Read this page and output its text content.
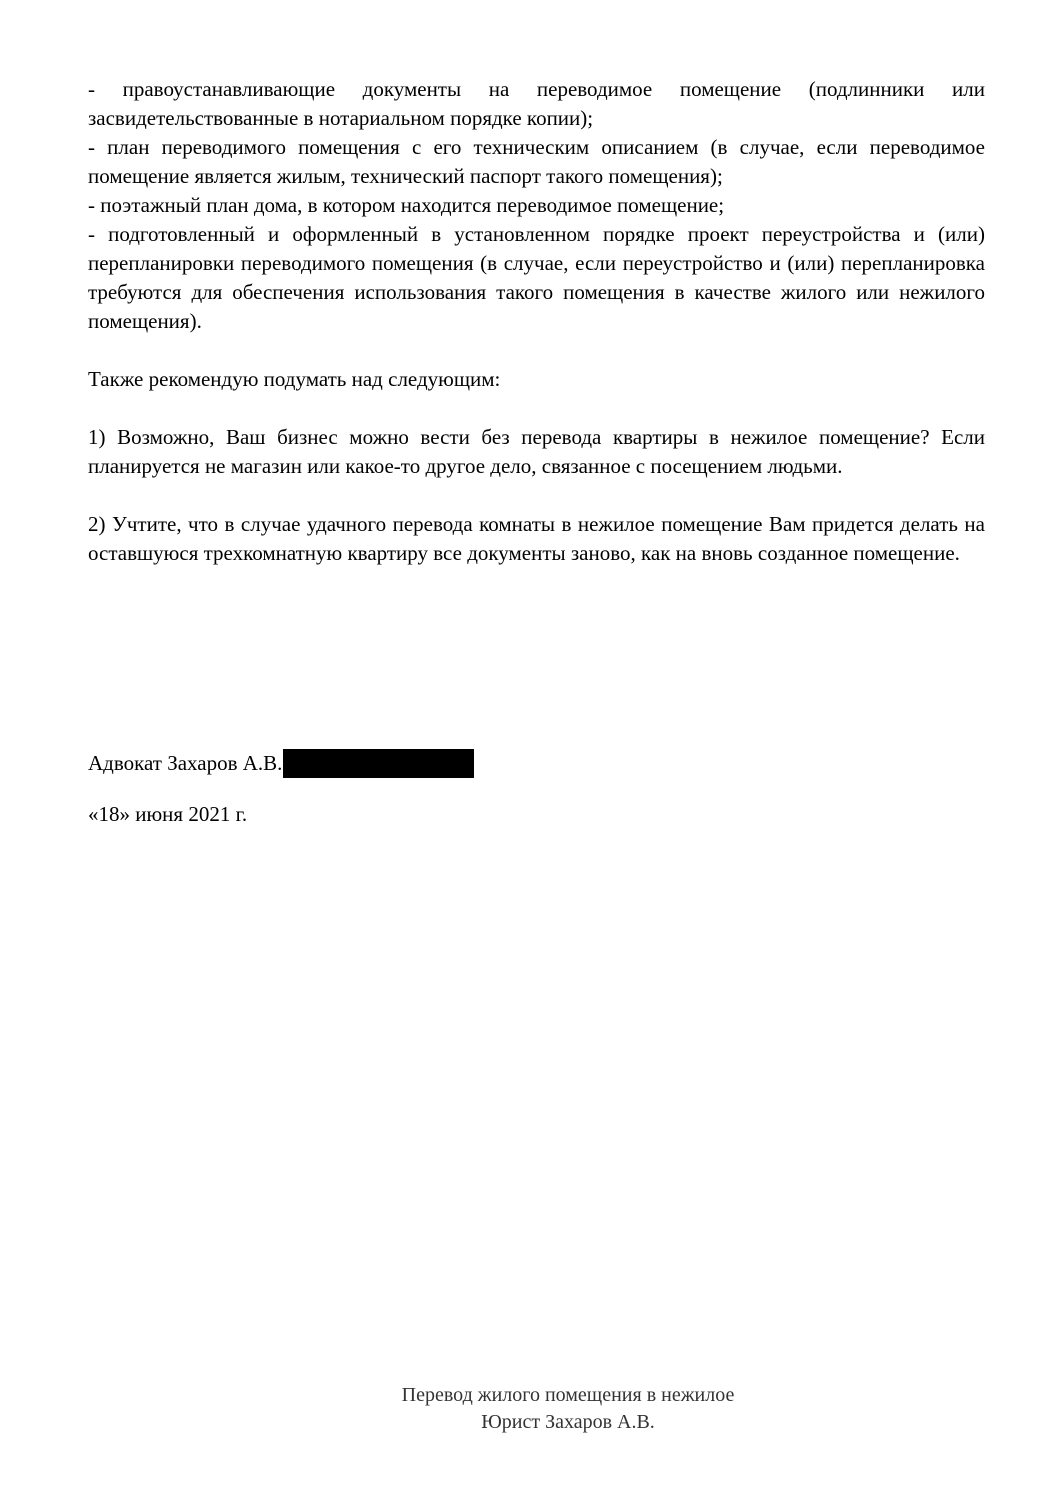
- правоустанавливающие документы на переводимое помещение (подлинники или засвидетельствованные в нотариальном порядке копии);

- план переводимого помещения с его техническим описанием (в случае, если переводимое помещение является жилым, технический паспорт такого помещения);

- поэтажный план дома, в котором находится переводимое помещение;

- подготовленный и оформленный в установленном порядке проект переустройства и (или) перепланировки переводимого помещения (в случае, если переустройство и (или) перепланировка требуются для обеспечения использования такого помещения в качестве жилого или нежилого помещения).

Также рекомендую подумать над следующим:

1) Возможно, Ваш бизнес можно вести без перевода квартиры в нежилое помещение? Если планируется не магазин или какое-то другое дело, связанное с посещением людьми.

2) Учтите, что в случае удачного перевода комнаты в нежилое помещение Вам придется делать на оставшуюся трехкомнатную квартиру все документы заново, как на вновь созданное помещение.

Адвокат Захаров А.В.
«18» июня 2021 г.
Перевод жилого помещения в нежилое
Юрист Захаров А.В.
